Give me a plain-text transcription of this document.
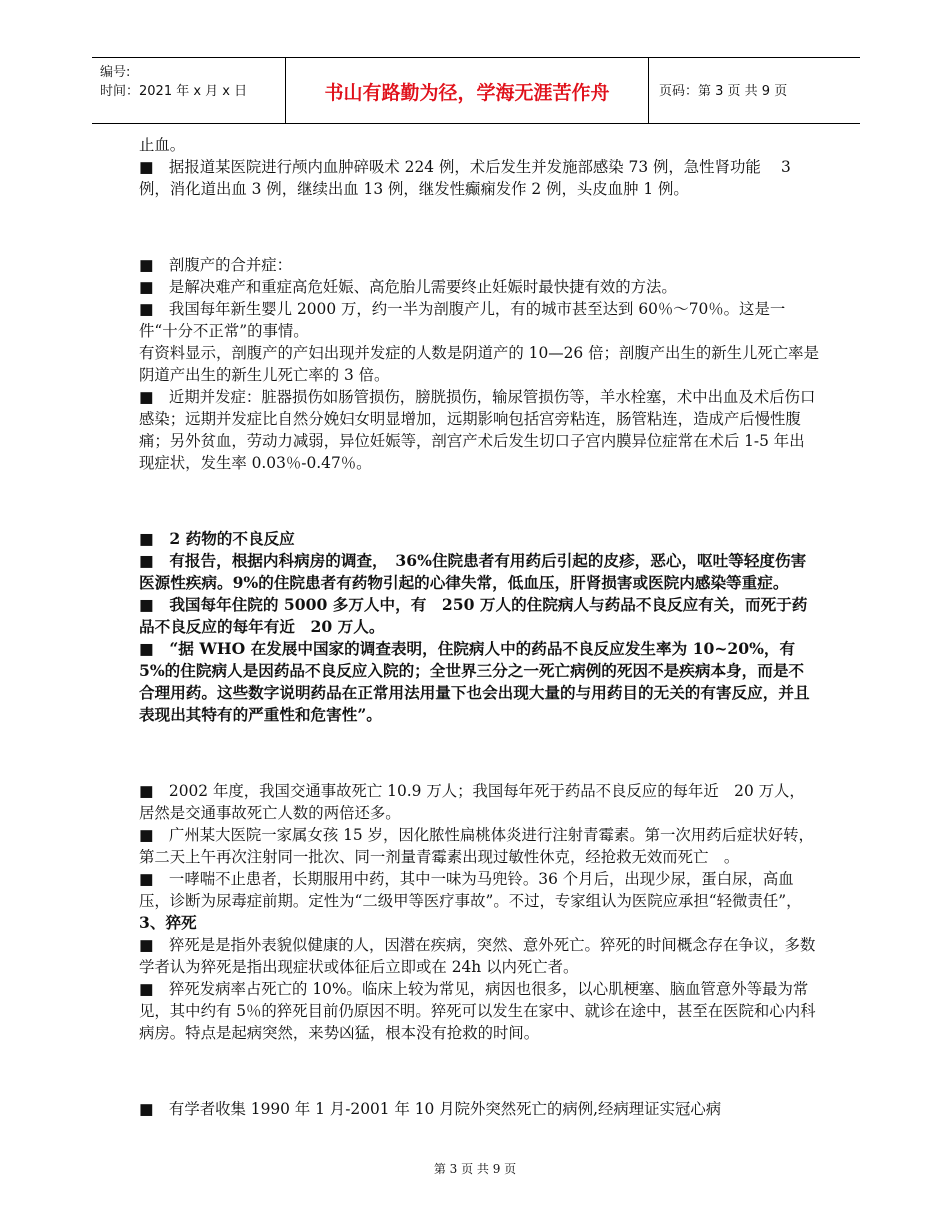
编号:
时间：2021 年 x 月 x 日	书山有路勤为径，学海无涯苦作舟	页码：第 3 页 共 9 页

止血。

■　据报道某医院进行颅内血肿碎吸术 224 例，术后发生并发施部感染 73 例，急性肾功能　 3 例，消化道出血 3 例，继续出血 13 例，继发性癫痫发作 2 例，头皮血肿 1 例。

■　剖腹产的合并症：

■　是解决难产和重症高危妊娠、高危胎儿需要终止妊娠时最快捷有效的方法。

■　我国每年新生婴儿 2000 万，约一半为剖腹产儿，有的城市甚至达到 60％～70％。这是一件“十分不正常”的事情。

有资料显示，剖腹产的产妇出现并发症的人数是阴道产的 10—26 倍；剖腹产出生的新生儿死亡率是阴道产出生的新生儿死亡率的 3 倍。

■　近期并发症：脏器损伤如肠管损伤，膀胱损伤，输尿管损伤等，羊水栓塞，术中出血及术后伤口感染；远期并发症比自然分娩妇女明显增加，远期影响包括宫旁粘连，肠管粘连，造成产后慢性腹痛；另外贫血，劳动力减弱，异位妊娠等，剖宫产术后发生切口子宫内膜异位症常在术后 1-5 年出现症状，发生率 0.03％-0.47％。

■　2 药物的不良反应

■　有报告，根据内科病房的调查，　36%住院患者有用药后引起的皮疹，恶心，呕吐等轻度伤害医源性疾病。9%的住院患者有药物引起的心律失常，低血压，肝肾损害或医院内感染等重症。

■　我国每年住院的 5000 多万人中，有　250 万人的住院病人与药品不良反应有关，而死于药品不良反应的每年有近　20 万人。

■　“据 WHO 在发展中国家的调查表明，住院病人中的药品不良反应发生率为 10~20%，有 5%的住院病人是因药品不良反应入院的；全世界三分之一死亡病例的死因不是疾病本身，而是不合理用药。这些数字说明药品在正常用法用量下也会出现大量的与用药目的无关的有害反应，并且表现出其特有的严重性和危害性”。

■　2002 年度，我国交通事故死亡 10.9 万人；我国每年死于药品不良反应的每年近　20 万人，居然是交通事故死亡人数的两倍还多。

■　广州某大医院一家属女孩 15 岁，因化脓性扁桃体炎进行注射青霉素。第一次用药后症状好转，第二天上午再次注射同一批次、同一剂量青霉素出现过敏性休克，经抢救无效而死亡　。

■　一哮喘不止患者，长期服用中药，其中一味为马兜铃。36 个月后，出现少尿，蛋白尿，高血压，诊断为尿毒症前期。定性为“二级甲等医疗事故”。不过，专家组认为医院应承担“轻微责任”，

3、猝死

■　猝死是是指外表貌似健康的人，因潜在疾病，突然、意外死亡。猝死的时间概念存在争议，多数学者认为猝死是指出现症状或体征后立即或在 24h 以内死亡者。

■　猝死发病率占死亡的 10%。临床上较为常见，病因也很多，以心肌梗塞、脑血管意外等最为常见，其中约有 5％的猝死目前仍原因不明。猝死可以发生在家中、就诊在途中，甚至在医院和心内科病房。特点是起病突然，来势凶猛，根本没有抢救的时间。

■　有学者收集 1990 年 1 月-2001 年 10 月院外突然死亡的病例,经病理证实冠心病

第 3 页 共 9 页
